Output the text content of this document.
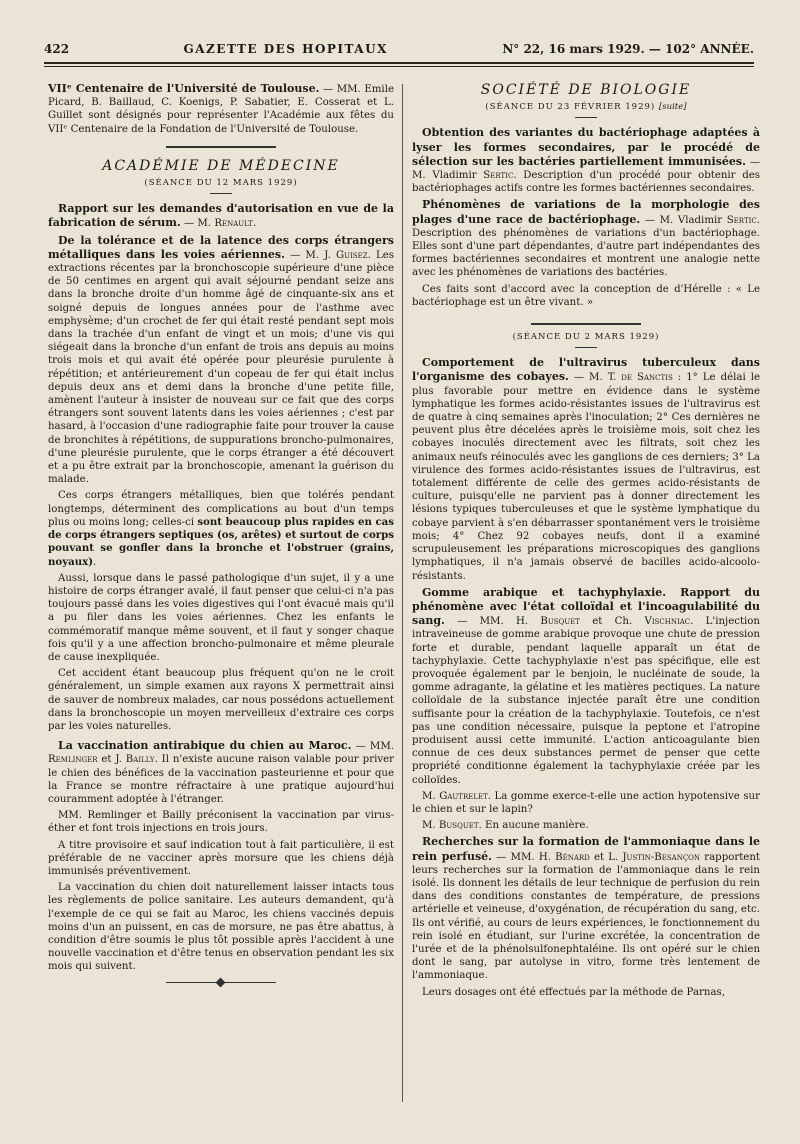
422	GAZETTE DES HOPITAUX	N° 22, 16 mars 1929. — 102° ANNÉE.

VIIᵉ Centenaire de l'Université de Toulouse. — MM. Emile Picard, B. Baillaud, C. Koenigs, P. Sabatier, E. Cosserat et L. Guillet sont désignés pour représenter l'Académie aux fêtes du VIIᵉ Centenaire de la Fondation de l'Université de Toulouse.

ACADÉMIE DE MÉDECINE
(SÉANCE DU 12 MARS 1929)

Rapport sur les demandes d'autorisation en vue de la fabrication de sérum. — M. Renault.

De la tolérance et de la latence des corps étrangers métalliques dans les voies aériennes. — M. J. Guisez. Les extractions récentes par la bronchoscopie supérieure d'une pièce de 50 centimes en argent qui avait séjourné pendant seize ans dans la bronche droite d'un homme âgé de cinquante-six ans et soigné depuis de longues années pour de l'asthme avec emphysème; d'un crochet de fer qui était resté pendant sept mois dans la trachée d'un enfant de vingt et un mois; d'une vis qui siégeait dans la bronche d'un enfant de trois ans depuis au moins trois mois et qui avait été opérée pour pleurésie purulente à répétition; et antérieurement d'un copeau de fer qui était inclus depuis deux ans et demi dans la bronche d'une petite fille, amènent l'auteur à insister de nouveau sur ce fait que des corps étrangers sont souvent latents dans les voies aériennes ; c'est par hasard, à l'occasion d'une radiographie faite pour trouver la cause de bronchites à répétitions, de suppurations broncho-pulmonaires, d'une pleurésie purulente, que le corps étranger a été découvert et a pu être extrait par la bronchoscopie, amenant la guérison du malade.

Ces corps étrangers métalliques, bien que tolérés pendant longtemps, déterminent des complications au bout d'un temps plus ou moins long; celles-ci sont beaucoup plus rapides en cas de corps étrangers septiques (os, arêtes) et surtout de corps pouvant se gonfler dans la bronche et l'obstruer (grains, noyaux).

Aussi, lorsque dans le passé pathologique d'un sujet, il y a une histoire de corps étranger avalé, il faut penser que celui-ci n'a pas toujours passé dans les voies digestives qui l'ont évacué mais qu'il a pu filer dans les voies aériennes. Chez les enfants le commémoratif manque même souvent, et il faut y songer chaque fois qu'il y a une affection broncho-pulmonaire et même pleurale de cause inexpliquée.

Cet accident étant beaucoup plus fréquent qu'on ne le croit généralement, un simple examen aux rayons X permettrait ainsi de sauver de nombreux malades, car nous possédons actuellement dans la bronchoscopie un moyen merveilleux d'extraire ces corps par les voies naturelles.

La vaccination antirabique du chien au Maroc. — MM. Remlinger et J. Bailly. Il n'existe aucune raison valable pour priver le chien des bénéfices de la vaccination pasteurienne et pour que la France se montre réfractaire à une pratique aujourd'hui couramment adoptée à l'étranger.

MM. Remlinger et Bailly préconisent la vaccination par virus-éther et font trois injections en trois jours.

A titre provisoire et sauf indication tout à fait particulière, il est préférable de ne vacciner après morsure que les chiens déjà immunisés préventivement.

La vaccination du chien doit naturellement laisser intacts tous les règlements de police sanitaire. Les auteurs demandent, qu'à l'exemple de ce qui se fait au Maroc, les chiens vaccinés depuis moins d'un an puissent, en cas de morsure, ne pas être abattus, à condition d'être soumis le plus tôt possible après l'accident à une nouvelle vaccination et d'être tenus en observation pendant les six mois qui suivent.

SOCIÉTÉ DE BIOLOGIE
(SÉANCE DU 23 FÉVRIER 1929) [suite]

Obtention des variantes du bactériophage adaptées à lyser les formes secondaires, par le procédé de sélection sur les bactéries partiellement immunisées. — M. Vladimir Sertic. Description d'un procédé pour obtenir des bactériophages actifs contre les formes bactériennes secondaires.

Phénomènes de variations de la morphologie des plages d'une race de bactériophage. — M. Vladimir Sertic. Description des phénomènes de variations d'un bactériophage. Elles sont d'une part dépendantes, d'autre part indépendantes des formes bactériennes secondaires et montrent une analogie nette avec les phénomènes de variations des bactéries.

Ces faits sont d'accord avec la conception de d'Hérelle : « Le bactériophage est un être vivant. »

(SÉANCE DU 2 MARS 1929)

Comportement de l'ultravirus tuberculeux dans l'organisme des cobayes. — M. T. de Sanctis : 1° Le délai le plus favorable pour mettre en évidence dans le système lymphatique les formes acido-résistantes issues de l'ultravirus est de quatre à cinq semaines après l'inoculation; 2° Ces dernières ne peuvent plus être décelées après le troisième mois, soit chez les cobayes inoculés directement avec les filtrats, soit chez les animaux neufs réinoculés avec les ganglions de ces derniers; 3° La virulence des formes acido-résistantes issues de l'ultravirus, est totalement différente de celle des germes acido-résistants de culture, puisqu'elle ne parvient pas à donner directement les lésions typiques tuberculeuses et que le système lymphatique du cobaye parvient à s'en débarrasser spontanément vers le troisième mois; 4° Chez 92 cobayes neufs, dont il a examiné scrupuleusement les préparations microscopiques des ganglions lymphatiques, il n'a jamais observé de bacilles acido-alcoolo-résistants.

Gomme arabique et tachyphylaxie. Rapport du phénomène avec l'état colloïdal et l'incoagulabilité du sang. — MM. H. Busquet et Ch. Vischniac. L'injection intraveineuse de gomme arabique provoque une chute de pression forte et durable, pendant laquelle apparaît un état de tachyphylaxie. Cette tachyphylaxie n'est pas spécifique, elle est provoquée également par le benjoin, le nucléinate de soude, la gomme adragante, la gélatine et les matières pectiques. La nature colloïdale de la substance injectée paraît être une condition suffisante pour la création de la tachyphylaxie. Toutefois, ce n'est pas une condition nécessaire, puisque la peptone et l'atropine produisent aussi cette immunité. L'action anticoagulante bien connue de ces deux substances permet de penser que cette propriété conditionne également la tachyphylaxie créée par les colloïdes.

M. Gautrelet. La gomme exerce-t-elle une action hypotensive sur le chien et sur le lapin?

M. Busquet. En aucune manière.

Recherches sur la formation de l'ammoniaque dans le rein perfusé. — MM. H. Bénard et L. Justin-Besançon rapportent leurs recherches sur la formation de l'ammoniaque dans le rein isolé. Ils donnent les détails de leur technique de perfusion du rein dans des conditions constantes de température, de pressions artérielle et veineuse, d'oxygénation, de récupération du sang, etc. Ils ont vérifié, au cours de leurs expériences, le fonctionnement du rein isolé en étudiant, sur l'urine excrétée, la concentration de l'urée et de la phénolsulfonephtaléine. Ils ont opéré sur le chien dont le sang, par autolyse in vitro, forme très lentement de l'ammoniaque.

Leurs dosages ont été effectués par la méthode de Parnas,
